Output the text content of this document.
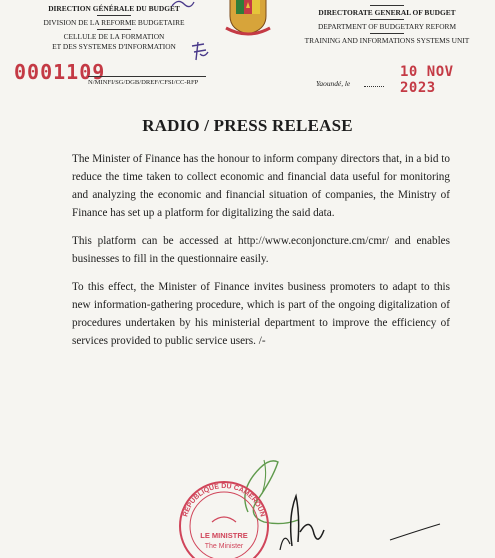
DIRECTION GÉNÉRALE DU BUDGET
DIVISION DE LA REFORME BUDGETAIRE
CELLULE DE LA FORMATION
ET DES SYSTEMES D'INFORMATION
DIRECTORATE GENERAL OF BUDGET
DEPARTMENT OF BUDGETARY REFORM
TRAINING AND INFORMATIONS SYSTEMS UNIT
0001109
N/MINFI/SG/DGB/DREF/CFSI/CC-RFP	Yaoundé, le
10 NOV 2023
RADIO / PRESS RELEASE

The Minister of Finance has the honour to inform company directors that, in a bid to reduce the time taken to collect economic and financial data useful for monitoring and analyzing the economic and financial situation of companies, the Ministry of Finance has set up a platform for digitalizing the said data.

This platform can be accessed at http://www.econjoncture.cm/cmr/ and enables businesses to fill in the questionnaire easily.

To this effect, the Minister of Finance invites business promoters to adapt to this new information-gathering procedure, which is part of the ongoing digitalization of procedures undertaken by his ministerial department to improve the efficiency of services provided to public service users. /-

REPUBLIQUE DU CAMEROUN
LE MINISTRE
The Minister
